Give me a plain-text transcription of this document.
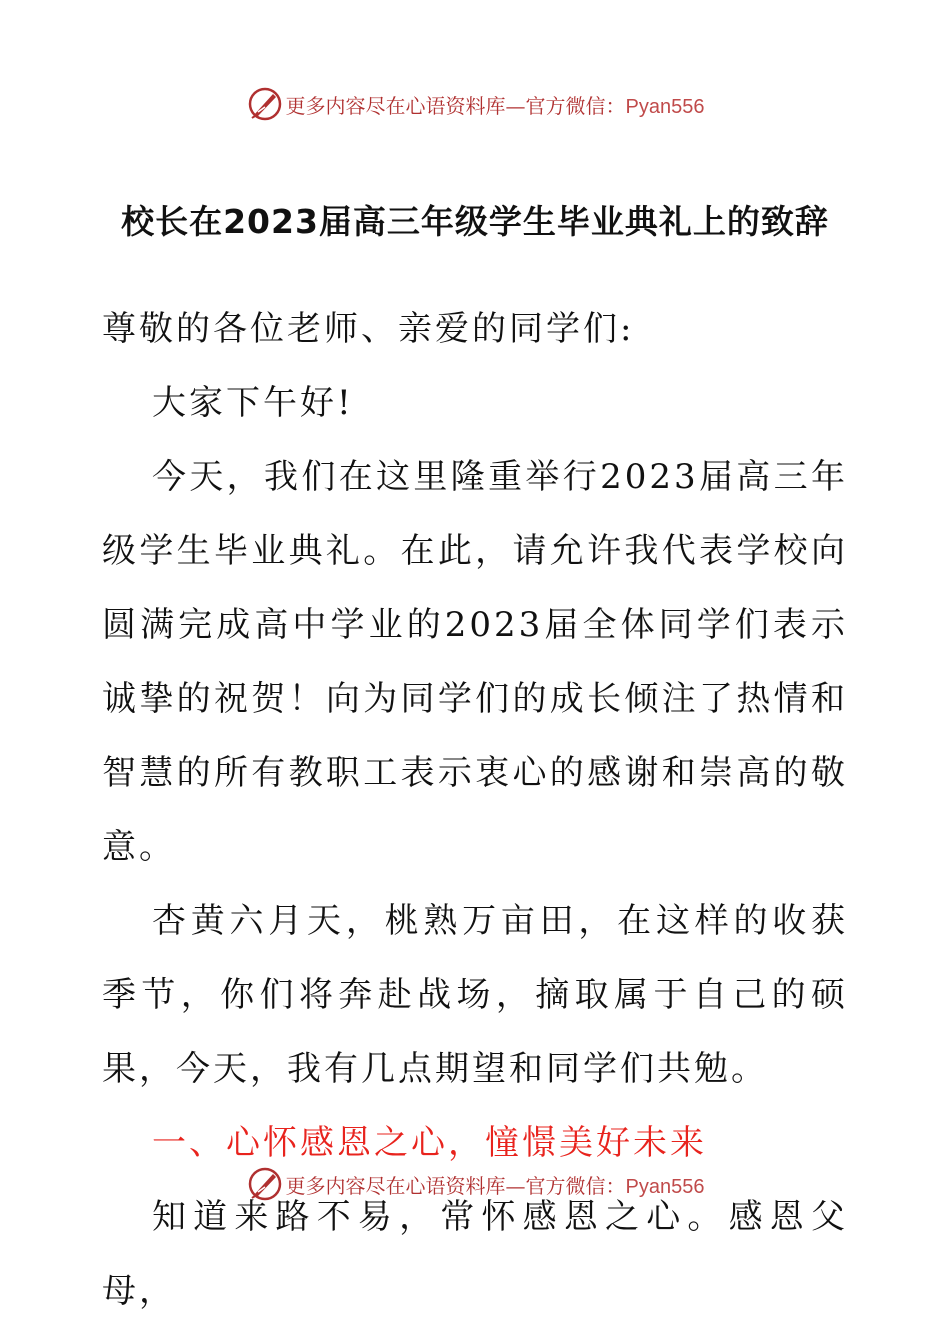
更多内容尽在心语资料库—官方微信：Pyan556
校长在2023届高三年级学生毕业典礼上的致辞

尊敬的各位老师、亲爱的同学们:

大家下午好!

今天，我们在这里隆重举行2023届高三年级学生毕业典礼。在此，请允许我代表学校向圆满完成高中学业的2023届全体同学们表示诚挚的祝贺！向为同学们的成长倾注了热情和智慧的所有教职工表示衷心的感谢和崇高的敬意。

杏黄六月天，桃熟万亩田，在这样的收获季节，你们将奔赴战场，摘取属于自己的硕果，今天，我有几点期望和同学们共勉。

一、心怀感恩之心，憧憬美好未来

知道来路不易，常怀感恩之心。感恩父母，

更多内容尽在心语资料库—官方微信：Pyan556
